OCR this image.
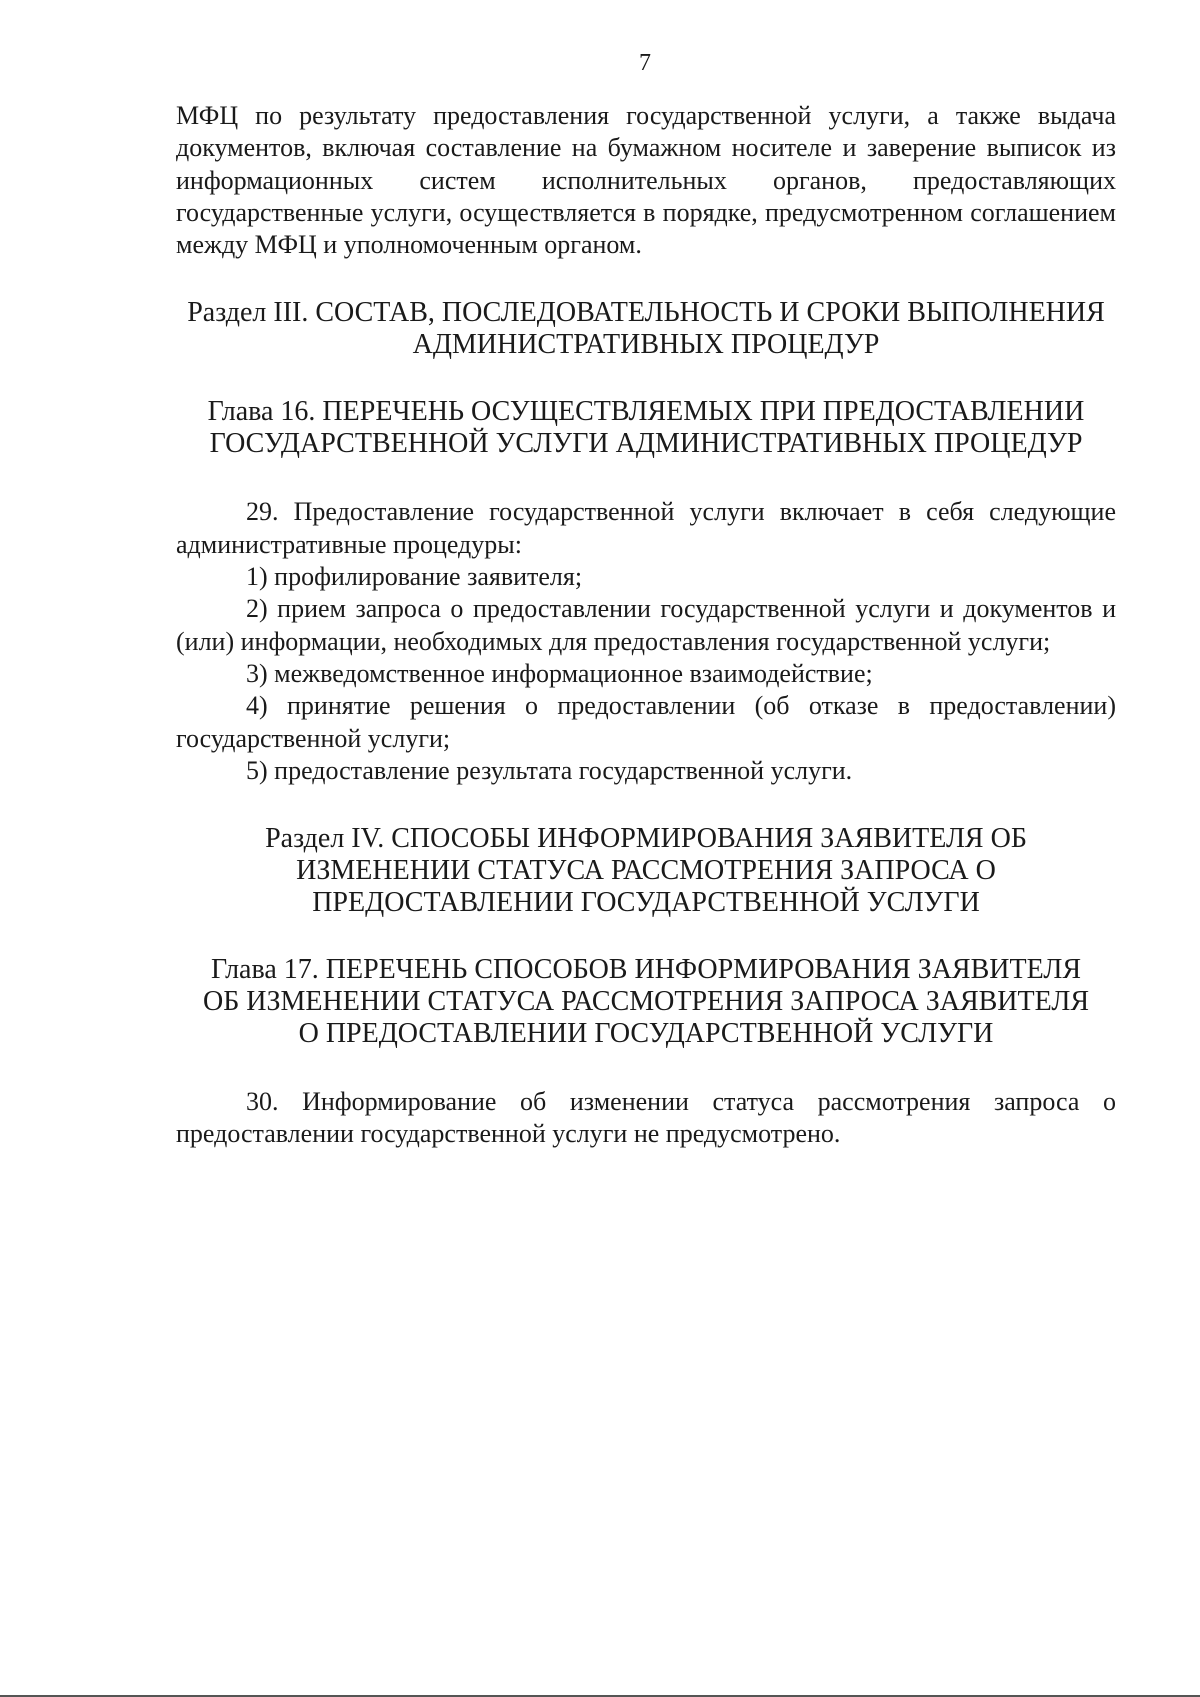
7

МФЦ по результату предоставления государственной услуги, а также выдача документов, включая составление на бумажном носителе и заверение выписок из информационных систем исполнительных органов, предоставляющих государственные услуги, осуществляется в порядке, предусмотренном соглашением между МФЦ и уполномоченным органом.

Раздел III. СОСТАВ, ПОСЛЕДОВАТЕЛЬНОСТЬ И СРОКИ ВЫПОЛНЕНИЯ

АДМИНИСТРАТИВНЫХ ПРОЦЕДУР

Глава 16. ПЕРЕЧЕНЬ ОСУЩЕСТВЛЯЕМЫХ ПРИ ПРЕДОСТАВЛЕНИИ

ГОСУДАРСТВЕННОЙ УСЛУГИ АДМИНИСТРАТИВНЫХ ПРОЦЕДУР

29. Предоставление государственной услуги включает в себя следующие административные процедуры:

1) профилирование заявителя;

2) прием запроса о предоставлении государственной услуги и документов и (или) информации, необходимых для предоставления государственной услуги;

3) межведомственное информационное взаимодействие;

4) принятие решения о предоставлении (об отказе в предоставлении) государственной услуги;

5) предоставление результата государственной услуги.

Раздел IV. СПОСОБЫ ИНФОРМИРОВАНИЯ ЗАЯВИТЕЛЯ ОБ

ИЗМЕНЕНИИ СТАТУСА РАССМОТРЕНИЯ ЗАПРОСА О

ПРЕДОСТАВЛЕНИИ ГОСУДАРСТВЕННОЙ УСЛУГИ

Глава 17. ПЕРЕЧЕНЬ СПОСОБОВ ИНФОРМИРОВАНИЯ ЗАЯВИТЕЛЯ

ОБ ИЗМЕНЕНИИ СТАТУСА РАССМОТРЕНИЯ ЗАПРОСА ЗАЯВИТЕЛЯ

О ПРЕДОСТАВЛЕНИИ ГОСУДАРСТВЕННОЙ УСЛУГИ

30. Информирование об изменении статуса рассмотрения запроса о предоставлении государственной услуги не предусмотрено.
